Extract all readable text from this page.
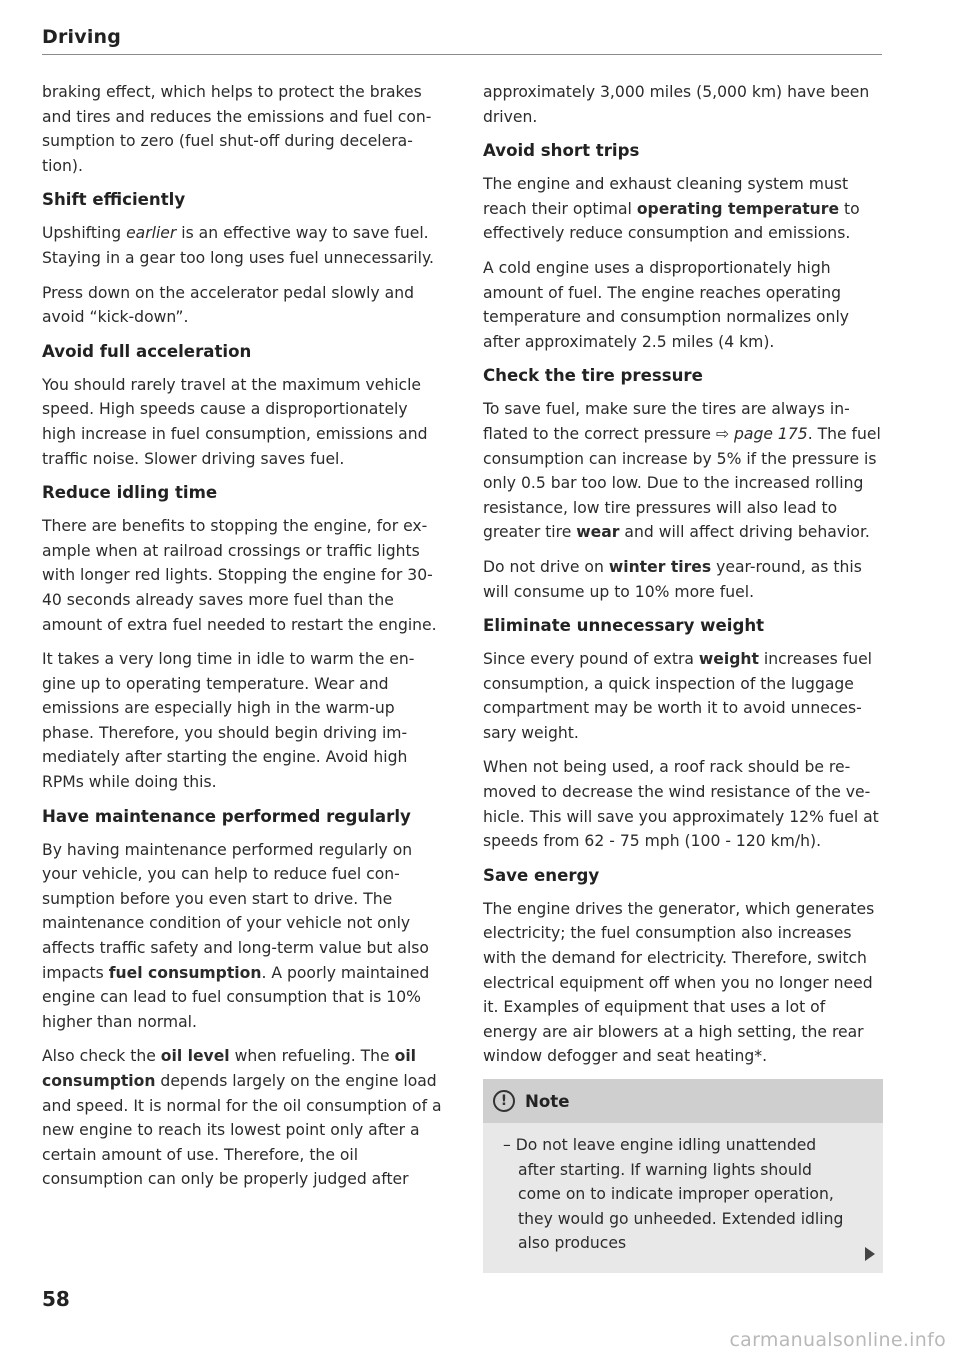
Driving

braking effect, which helps to protect the brakes and tires and reduces the emissions and fuel consumption to zero (fuel shut-off during deceleration).

Shift efficiently

Upshifting earlier is an effective way to save fuel. Staying in a gear too long uses fuel unnecessarily.

Press down on the accelerator pedal slowly and avoid “kick-down”.

Avoid full acceleration

You should rarely travel at the maximum vehicle speed. High speeds cause a disproportionately high increase in fuel consumption, emissions and traffic noise. Slower driving saves fuel.

Reduce idling time

There are benefits to stopping the engine, for example when at railroad crossings or traffic lights with longer red lights. Stopping the engine for 30-40 seconds already saves more fuel than the amount of extra fuel needed to restart the engine.

It takes a very long time in idle to warm the engine up to operating temperature. Wear and emissions are especially high in the warm-up phase. Therefore, you should begin driving immediately after starting the engine. Avoid high RPMs while doing this.

Have maintenance performed regularly

By having maintenance performed regularly on your vehicle, you can help to reduce fuel consumption before you even start to drive. The maintenance condition of your vehicle not only affects traffic safety and long-term value but also impacts fuel consumption. A poorly maintained engine can lead to fuel consumption that is 10% higher than normal.

Also check the oil level when refueling. The oil consumption depends largely on the engine load and speed. It is normal for the oil consumption of a new engine to reach its lowest point only after a certain amount of use. Therefore, the oil consumption can only be properly judged after

approximately 3,000 miles (5,000 km) have been driven.

Avoid short trips

The engine and exhaust cleaning system must reach their optimal operating temperature to effectively reduce consumption and emissions.

A cold engine uses a disproportionately high amount of fuel. The engine reaches operating temperature and consumption normalizes only after approximately 2.5 miles (4 km).

Check the tire pressure

To save fuel, make sure the tires are always inflated to the correct pressure ⇨ page 175. The fuel consumption can increase by 5% if the pressure is only 0.5 bar too low. Due to the increased rolling resistance, low tire pressures will also lead to greater tire wear and will affect driving behavior.

Do not drive on winter tires year-round, as this will consume up to 10% more fuel.

Eliminate unnecessary weight

Since every pound of extra weight increases fuel consumption, a quick inspection of the luggage compartment may be worth it to avoid unnecessary weight.

When not being used, a roof rack should be removed to decrease the wind resistance of the vehicle. This will save you approximately 12% fuel at speeds from 62 - 75 mph (100 - 120 km/h).

Save energy

The engine drives the generator, which generates electricity; the fuel consumption also increases with the demand for electricity. Therefore, switch electrical equipment off when you no longer need it. Examples of equipment that uses a lot of energy are air blowers at a high setting, the rear window defogger and seat heating*.

!	Note

– Do not leave engine idling unattended after starting. If warning lights should come on to indicate improper operation, they would go unheeded. Extended idling also produces

58
carmanualsonline.info
